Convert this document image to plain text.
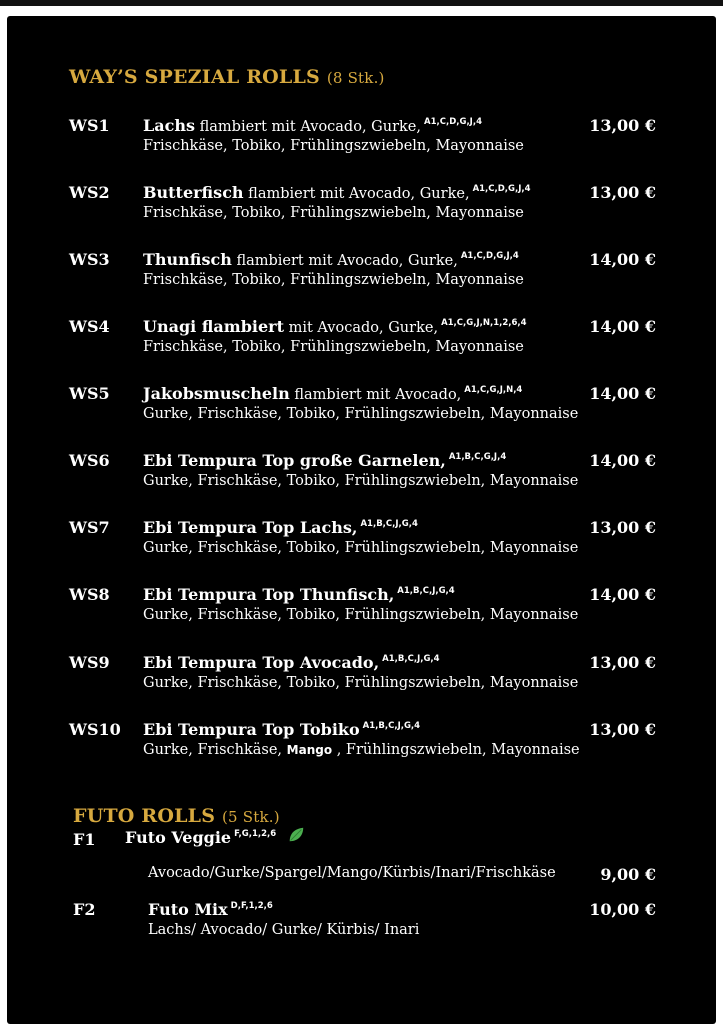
WAY’S SPEZIAL ROLLS (8 Stk.)
WS1 Lachs flambiert mit Avocado, Gurke, $^{A1,C,D,G,J,4}$
Frischkäse, Tobiko, Frühlingszwiebeln, Mayonnaise
13,00 €
WS2 Butterfisch flambiert mit Avocado, Gurke, $^{A1,C,D,G,J,4}$
Frischkäse, Tobiko, Frühlingszwiebeln, Mayonnaise
13,00 €
WS3 Thunfisch flambiert mit Avocado, Gurke, $^{A1,C,D,G,J,4}$
Frischkäse, Tobiko, Frühlingszwiebeln, Mayonnaise
14,00 €
WS4 Unagi flambiert mit Avocado, Gurke, $^{A1,C,G,J,N,1,2,6,4}$
Frischkäse, Tobiko, Frühlingszwiebeln, Mayonnaise
14,00 €
WS5 Jakobsmuscheln flambiert mit Avocado, $^{A1,C,G,J,N,4}$
Gurke, Frischkäse, Tobiko, Frühlingszwiebeln, Mayonnaise
14,00 €
WS6 Ebi Tempura Top große Garnelen, $^{A1,B,C,G,J,4}$
Gurke, Frischkäse, Tobiko, Frühlingszwiebeln, Mayonnaise
14,00 €
WS7 Ebi Tempura Top Lachs, $^{A1,B,C,J,G,4}$
Gurke, Frischkäse, Tobiko, Frühlingszwiebeln, Mayonnaise
13,00 €
WS8 Ebi Tempura Top Thunfisch, $^{A1,B,C,J,G,4}$
Gurke, Frischkäse, Tobiko, Frühlingszwiebeln, Mayonnaise
14,00 €
WS9 Ebi Tempura Top Avocado, $^{A1,B,C,J,G,4}$
Gurke, Frischkäse, Tobiko, Frühlingszwiebeln, Mayonnaise
13,00 €
WS10 Ebi Tempura Top Tobiko $^{A1,B,C,J,G,4}$
Gurke, Frischkäse, Mango , Frühlingszwiebeln, Mayonnaise
13,00 €
FUTO ROLLS (5 Stk.)
F1 Futo Veggie $^{F,G,1,2,6}$
Avocado/Gurke/Spargel/Mango/Kürbis/Inari/Frischkäse	9,00 €
F2	Futo Mix $^{D,F,1,2,6}$
Lachs/ Avocado/ Gurke/ Kürbis/ Inari
10,00 €
